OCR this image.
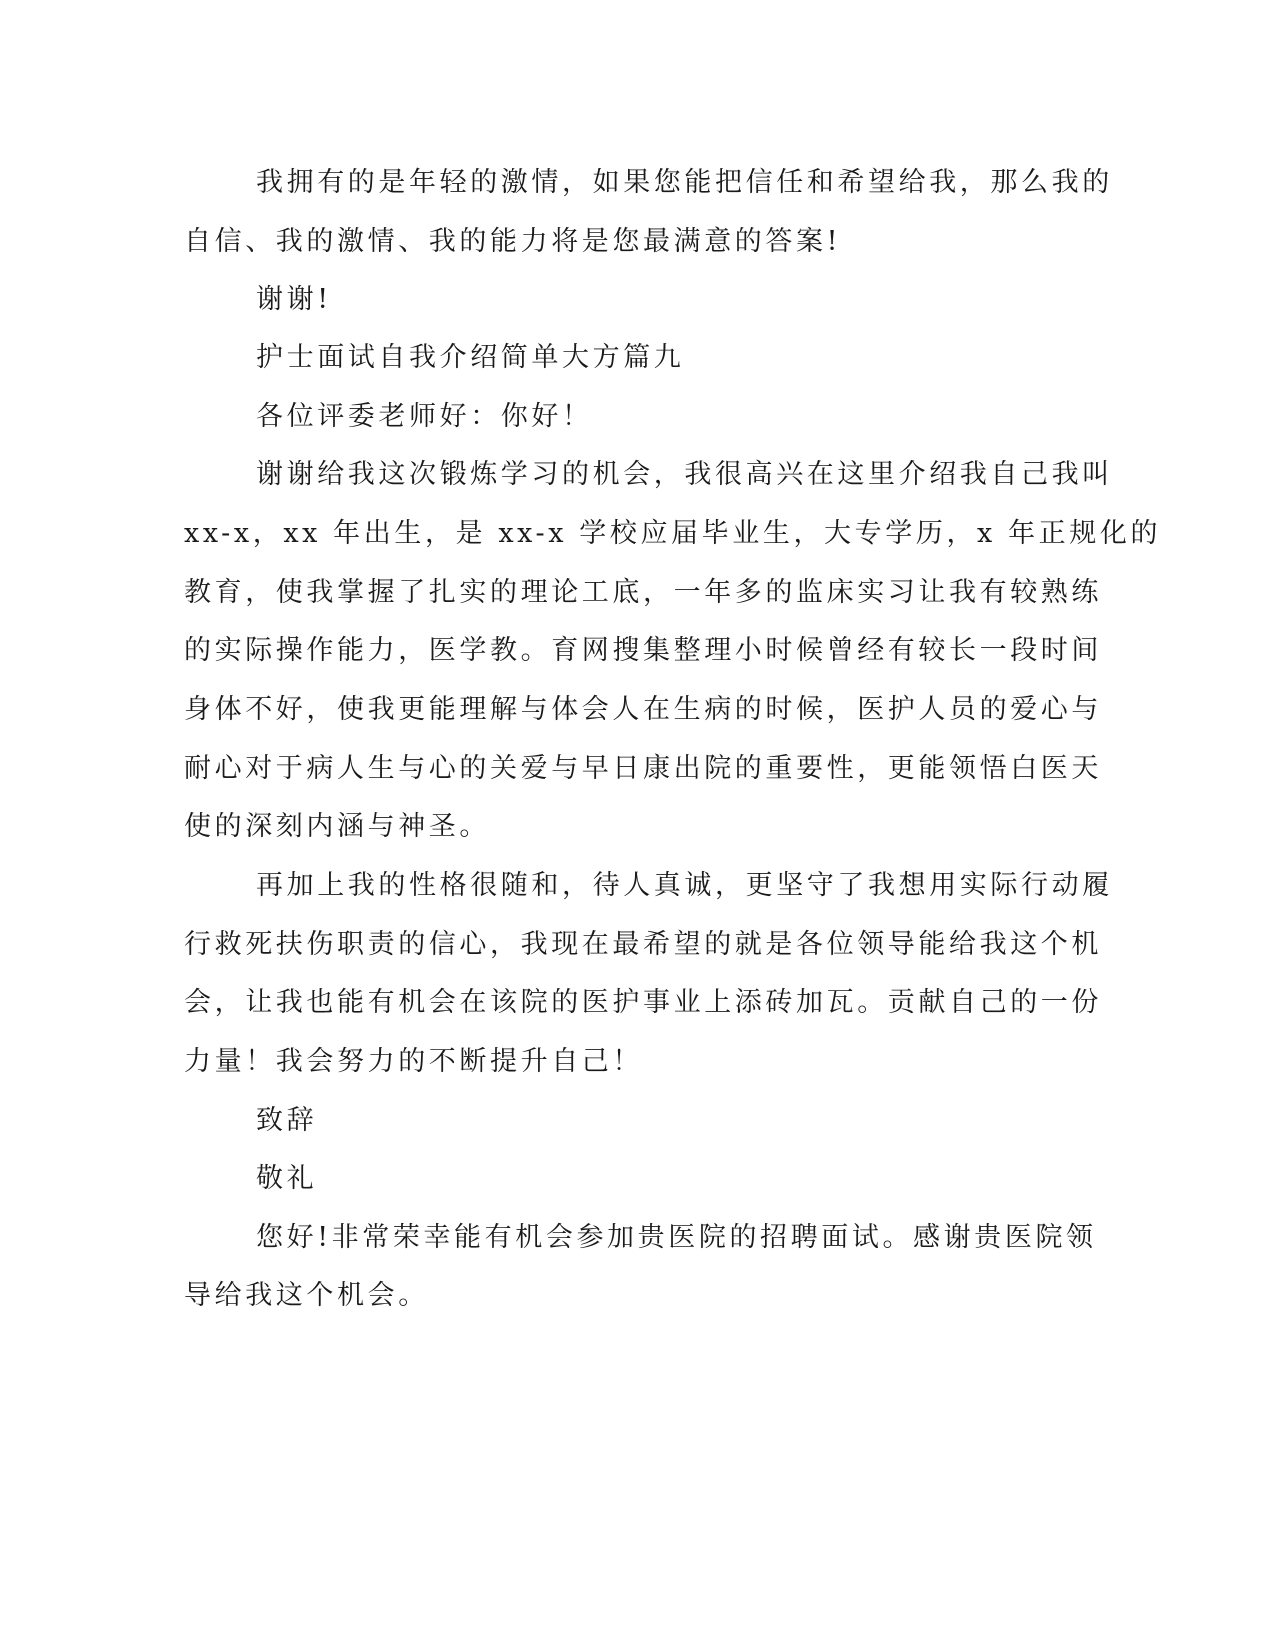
我拥有的是年轻的激情，如果您能把信任和希望给我，那么我的
自信、我的激情、我的能力将是您最满意的答案!
谢谢!
护士面试自我介绍简单大方篇九
各位评委老师好：你好！
谢谢给我这次锻炼学习的机会，我很高兴在这里介绍我自己我叫
xx-x，xx 年出生，是 xx-x 学校应届毕业生，大专学历，x 年正规化的
教育，使我掌握了扎实的理论工底，一年多的监床实习让我有较熟练
的实际操作能力，医学教。育网搜集整理小时候曾经有较长一段时间
身体不好，使我更能理解与体会人在生病的时候，医护人员的爱心与
耐心对于病人生与心的关爱与早日康出院的重要性，更能领悟白医天
使的深刻内涵与神圣。
再加上我的性格很随和，待人真诚，更坚守了我想用实际行动履
行救死扶伤职责的信心，我现在最希望的就是各位领导能给我这个机
会，让我也能有机会在该院的医护事业上添砖加瓦。贡献自己的一份
力量！我会努力的不断提升自己！
致辞
敬礼
您好!非常荣幸能有机会参加贵医院的招聘面试。感谢贵医院领
导给我这个机会。
